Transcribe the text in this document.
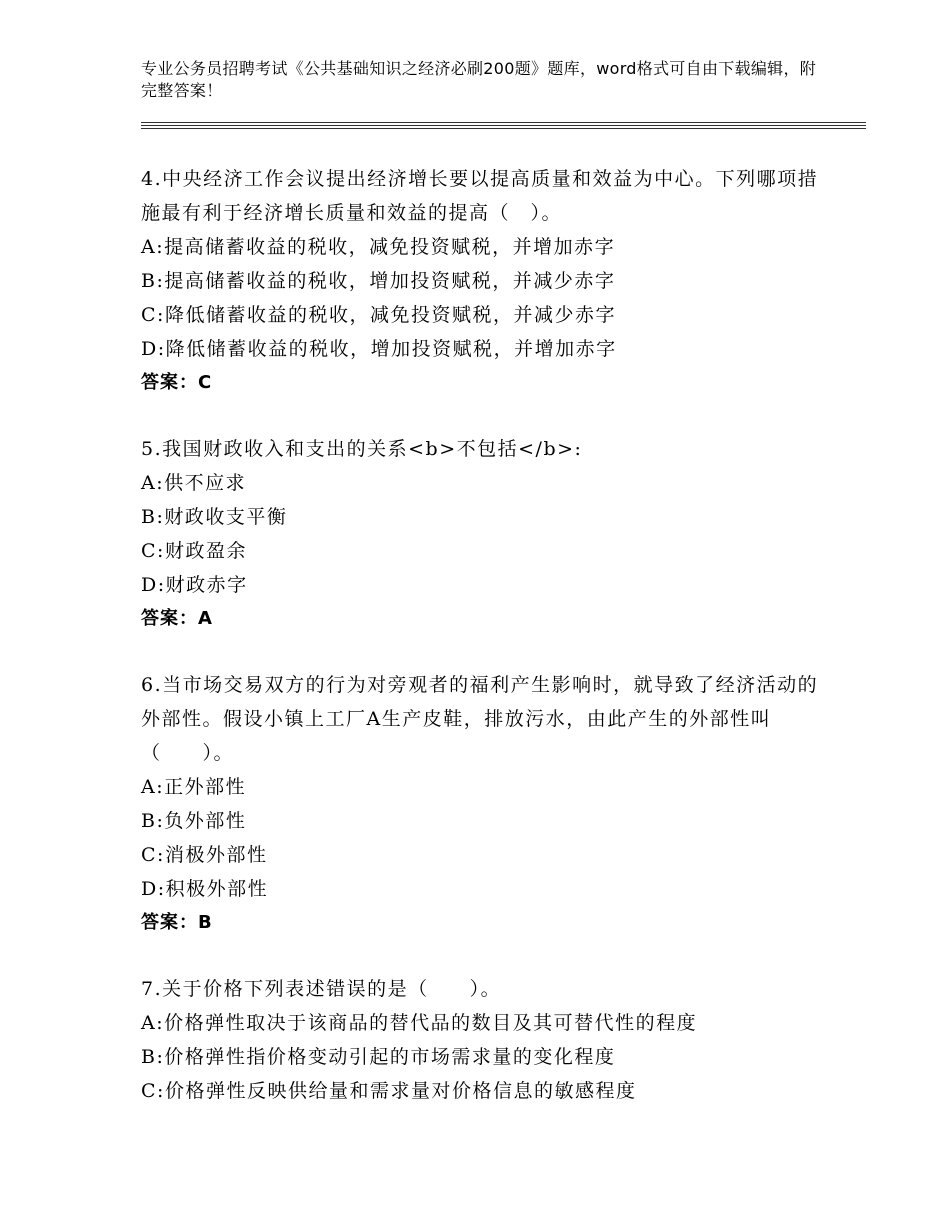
专业公务员招聘考试《公共基础知识之经济必刷200题》题库，word格式可自由下载编辑，附完整答案！

4.中央经济工作会议提出经济增长要以提高质量和效益为中心。下列哪项措施最有利于经济增长质量和效益的提高（　）。

A:提高储蓄收益的税收，减免投资赋税，并增加赤字

B:提高储蓄收益的税收，增加投资赋税，并减少赤字

C:降低储蓄收益的税收，减免投资赋税，并减少赤字

D:降低储蓄收益的税收，增加投资赋税，并增加赤字

答案：C

5.我国财政收入和支出的关系<b>不包括</b>:

A:供不应求

B:财政收支平衡

C:财政盈余

D:财政赤字

答案：A

6.当市场交易双方的行为对旁观者的福利产生影响时，就导致了经济活动的外部性。假设小镇上工厂A生产皮鞋，排放污水，由此产生的外部性叫（　　）。

A:正外部性

B:负外部性

C:消极外部性

D:积极外部性

答案：B

7.关于价格下列表述错误的是（　　）。

A:价格弹性取决于该商品的替代品的数目及其可替代性的程度

B:价格弹性指价格变动引起的市场需求量的变化程度

C:价格弹性反映供给量和需求量对价格信息的敏感程度
